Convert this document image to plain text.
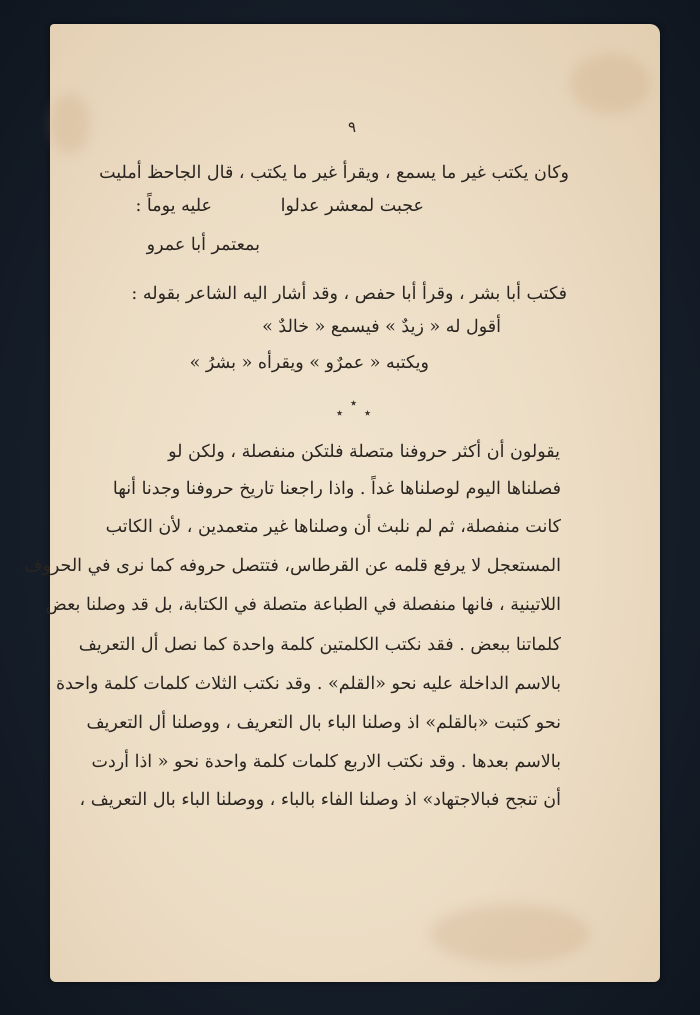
٩
وكان يكتب غير ما يسمع ، ويقرأ غير ما يكتب ، قال الجاحظ أمليت
عليه يوماً :	عجبت لمعشر عدلوا
بمعتمر أبا عمرو
فكتب أبا بشر ، وقرأ أبا حفص ، وقد أشار اليه الشاعر بقوله :
أقول له « زيدٌ » فيسمع « خالدٌ »
ويكتبه « عمرٌو » ويقرأه « بشرُ »
٭
٭
٭
يقولون أن أكثر حروفنا متصلة فلتكن منفصلة ، ولكن لو
فصلناها اليوم لوصلناها غداً . واذا راجعنا تاريخ حروفنا وجدنا أنها
كانت منفصلة، ثم لم نلبث أن وصلناها غير متعمدين ، لأن الكاتب
المستعجل لا يرفع قلمه عن القرطاس، فتتصل حروفه كما نرى في الحروف
اللاتينية ، فانها منفصلة في الطباعة متصلة في الكتابة، بل قد وصلنا بعض
كلماتنا ببعض . فقد نكتب الكلمتين كلمة واحدة كما نصل أل التعريف
بالاسم الداخلة عليه نحو «القلم» . وقد نكتب الثلاث كلمات كلمة واحدة
نحو كتبت «بالقلم» اذ وصلنا الباء بال التعريف ، ووصلنا أل التعريف
بالاسم بعدها . وقد نكتب الاربع كلمات كلمة واحدة نحو « اذا أردت
أن تنجح فبالاجتهاد» اذ وصلنا الفاء بالباء ، ووصلنا الباء بال التعريف ،
